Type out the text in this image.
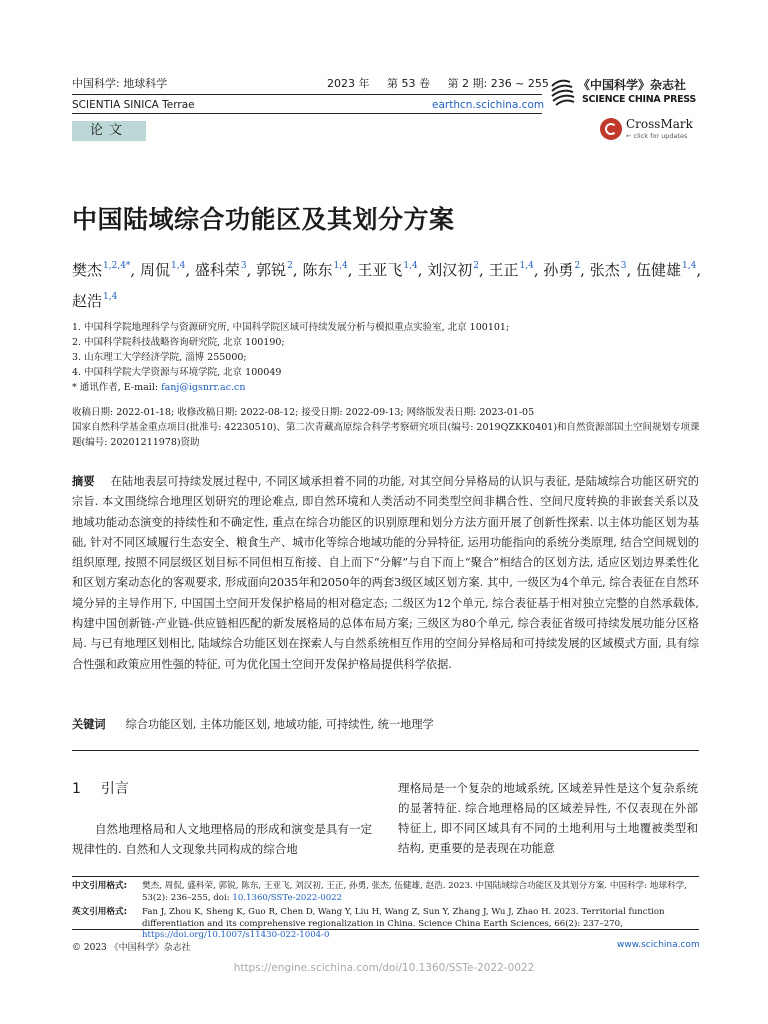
中国科学: 地球科学	2023 年 第 53 卷 第 2 期: 236 ~ 255
SCIENTIA SINICA Terrae	earthcn.scichina.com
《中国科学》杂志社
SCIENCE CHINA PRESS
论文	CrossMark
← click for updates
中国陆域综合功能区及其划分方案
樊杰$^{1,2,4*}$, 周侃$^{1,4}$, 盛科荣$^3$, 郭锐$^2$, 陈东$^{1,4}$, 王亚飞$^{1,4}$, 刘汉初$^2$, 王正$^{1,4}$, 孙勇$^2$, 张杰$^3$, 伍健雄$^{1,4}$, 赵浩$^{1,4}$
1. 中国科学院地理科学与资源研究所, 中国科学院区域可持续发展分析与模拟重点实验室, 北京 100101;
2. 中国科学院科技战略咨询研究院, 北京 100190;
3. 山东理工大学经济学院, 淄博 255000;
4. 中国科学院大学资源与环境学院, 北京 100049
* 通讯作者, E-mail: fanj@igsnrr.ac.cn
收稿日期: 2022-01-18; 收修改稿日期: 2022-08-12; 接受日期: 2022-09-13; 网络版发表日期: 2023-01-05
国家自然科学基金重点项目(批准号: 42230510)、第二次青藏高原综合科学考察研究项目(编号: 2019QZKK0401)和自然资源部国土空间规划专项课题(编号: 20201211978)资助
摘要 在陆地表层可持续发展过程中, 不同区域承担着不同的功能, 对其空间分异格局的认识与表征, 是陆域综合功能区研究的宗旨. 本文围绕综合地理区划研究的理论难点, 即自然环境和人类活动不同类型空间非耦合性、空间尺度转换的非嵌套关系以及地域功能动态演变的持续性和不确定性, 重点在综合功能区的识别原理和划分方法方面开展了创新性探索. 以主体功能区划为基础, 针对不同区域履行生态安全、粮食生产、城市化等综合地域功能的分异特征, 运用功能指向的系统分类原理, 结合空间规划的组织原理, 按照不同层级区划目标不同但相互衔接、自上而下“分解”与自下而上“聚合”相结合的区划方法, 适应区划边界柔性化和区划方案动态化的客观要求, 形成面向2035年和2050年的两套3级区域区划方案. 其中, 一级区为4个单元, 综合表征在自然环境分异的主导作用下, 中国国土空间开发保护格局的相对稳定态; 二级区为12个单元, 综合表征基于相对独立完整的自然承载体, 构建中国创新链-产业链-供应链相匹配的新发展格局的总体布局方案; 三级区为80个单元, 综合表征省级可持续发展功能分区格局. 与已有地理区划相比, 陆域综合功能区划在探索人与自然系统相互作用的空间分异格局和可持续发展的区域模式方面, 具有综合性强和政策应用性强的特征, 可为优化国土空间开发保护格局提供科学依据.
关键词 综合功能区划, 主体功能区划, 地域功能, 可持续性, 统一地理学
1 引言
自然地理格局和人文地理格局的形成和演变是具有一定规律性的. 自然和人文现象共同构成的综合地
理格局是一个复杂的地域系统, 区域差异性是这个复杂系统的显著特征. 综合地理格局的区域差异性, 不仅表现在外部特征上, 即不同区域具有不同的土地利用与土地覆被类型和结构, 更重要的是表现在功能意
中文引用格式:	樊杰, 周侃, 盛科荣, 郭锐, 陈东, 王亚飞, 刘汉初, 王正, 孙勇, 张杰, 伍健雄, 赵浩. 2023. 中国陆域综合功能区及其划分方案. 中国科学: 地球科学, 53(2): 236–255, doi: 10.1360/SSTe-2022-0022
英文引用格式:	Fan J, Zhou K, Sheng K, Guo R, Chen D, Wang Y, Liu H, Wang Z, Sun Y, Zhang J, Wu J, Zhao H. 2023. Territorial function differentiation and its comprehensive regionalization in China. Science China Earth Sciences, 66(2): 237–270, https://doi.org/10.1007/s11430-022-1004-0
© 2023 《中国科学》杂志社	www.scichina.com
https://engine.scichina.com/doi/10.1360/SSTe-2022-0022
